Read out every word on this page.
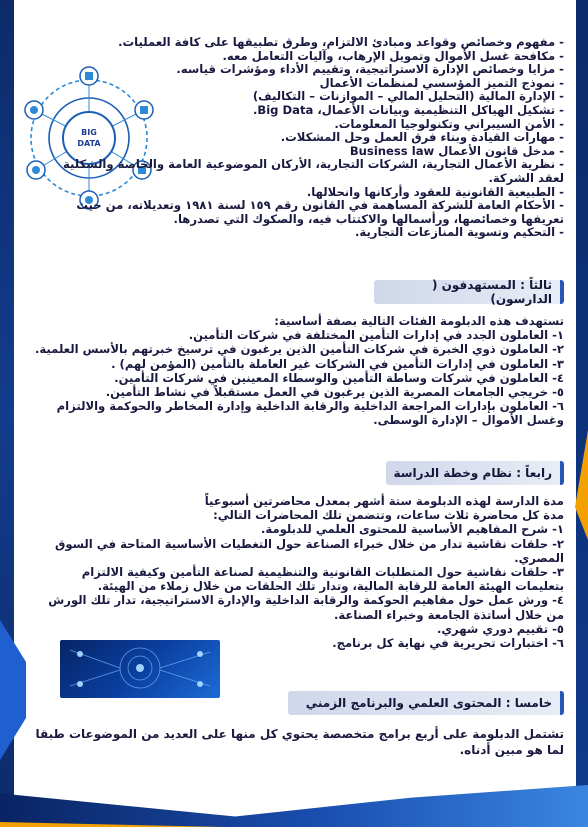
BIG
DATA
- مفهوم وخصائص وقواعد ومبادئ الالتزام، وطرق تطبيقها على كافة العمليات.
- مكافحة غسل الأموال وتمويل الإرهاب، وآليات التعامل معه.
- مزايا وخصائص الإدارة الاستراتيجية، وتقييم الأداء ومؤشرات قياسه.
- نموذج التميز المؤسسي لمنظمات الأعمال
- الإدارة المالية (التحليل المالي – الموازنات – التكاليف)
- تشكيل الهياكل التنظيمية وبيانات الأعمال، Big Data.
- الأمن السيبراني وتكنولوجيا المعلومات.
- مهارات القيادة وبناء فرق العمل وحل المشكلات.
- مدخل قانون الأعمال Business law
- نظرية الأعمال التجارية، الشركات التجارية، الأركان الموضوعية العامة والخاصة والشكلية لعقد الشركة.
- الطبيعية القانونية للعقود وأركانها وانحلالها.
- الأحكام العامة للشركة المساهمة في القانون رقم ١٥٩ لسنة ١٩٨١ وتعديلاته، من حيث تعريفها وخصائصها، ورأسمالها والاكتتاب فيه، والصكوك التي تصدرها.
- التحكيم وتسوية المنازعات التجارية.
ثالثاً : المستهدفون ( الدارسون)

تستهدف هذه الدبلومة الفئات التالية بصفة أساسية:

١- العاملون الجدد في إدارات التأمين المختلفة في شركات التأمين.

٢- العاملون ذوي الخبرة في شركات التأمين الذين يرغبون في ترسيخ خبرتهم بالأسس العلمية.

٣- العاملون في إدارات التأمين في الشركات غير العاملة بالتأمين (المؤمن لهم) .

٤- العاملون في شركات وساطة التأمين والوسطاء المعينين في شركات التأمين.

٥- خريجي الجامعات المصرية الذين يرغبون في العمل مستقبلاً في نشاط التأمين.

٦- العاملون بإدارات المراجعة الداخلية والرقابة الداخلية وإدارة المخاطر والحوكمة والالتزام وغسل الأموال – الإدارة الوسطى.

رابعاً : نظام وخطة الدراسة

مدة الدارسة لهذه الدبلومة ستة أشهر بمعدل محاضرتين أسبوعياً

مدة كل محاضرة ثلاث ساعات، وتتضمن تلك المحاضرات التالي:

١- شرح المفاهيم الأساسية للمحتوى العلمي للدبلومة.

٢- حلقات نقاشية تدار من خلال خبراء الصناعة حول التغطيات الأساسية المتاحة في السوق المصري.

٣- حلقات نقاشية حول المتطلبات القانونية والتنظيمية لصناعة التأمين وكيفية الالتزام بتعليمات الهيئة العامة للرقابة المالية، وتدار تلك الحلقات من خلال زملاء من الهيئة.

٤- ورش عمل حول مفاهيم الحوكمة والرقابة الداخلية والإدارة الاستراتيجية، تدار تلك الورش من خلال أساتذة الجامعة وخبراء الصناعة.

٥- تقييم دوري شهري.

٦- اختبارات تحريرية في نهاية كل برنامج.

خامسا : المحتوى العلمي والبرنامج الزمني

تشتمل الدبلومة على أربع برامج متخصصة يحتوي كل منها على العديد من الموضوعات طبقا لما هو مبين أدناه.
